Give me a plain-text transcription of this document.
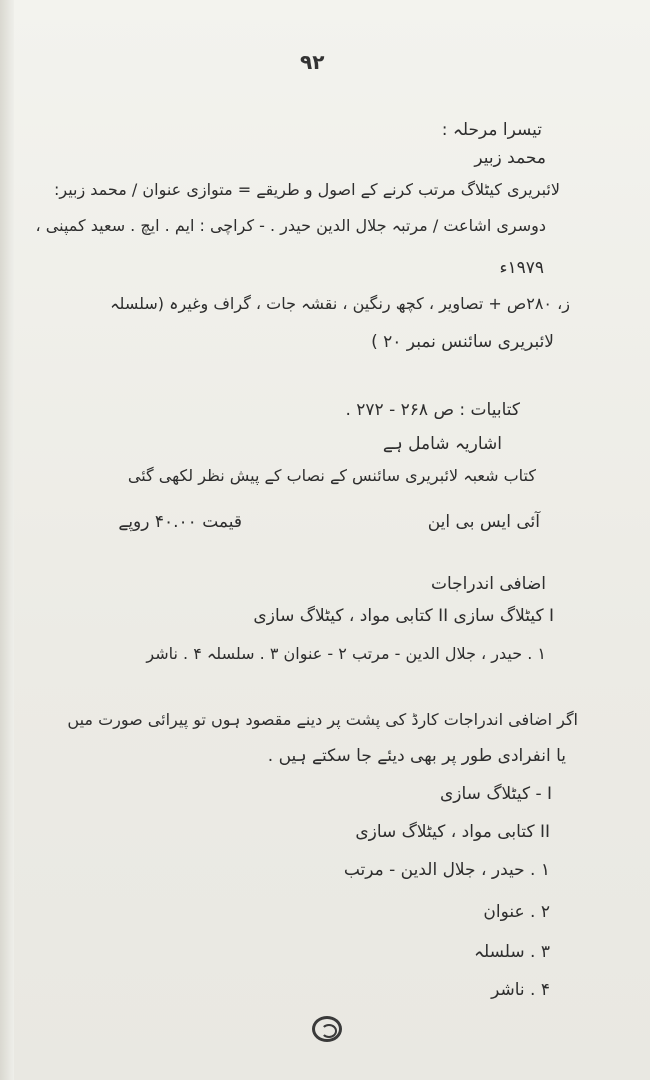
۹۲
تیسرا مرحلہ :
محمد زبیر
لائبریری کیٹلاگ مرتب کرنے کے اصول و طریقے = متوازی عنوان / محمد زبیر:
دوسری اشاعت / مرتبہ جلال الدین حیدر . - کراچی : ایم . ایچ . سعید کمپنی ،
۱۹۷۹ء
ز، ۲۸۰ص + تصاویر ، کچھ رنگین ، نقشہ جات ، گراف وغیرہ (سلسلہ
لائبریری سائنس نمبر ۲۰ )
کتابیات : ص ۲۶۸ - ۲۷۲ .
اشاریہ شامل ہے
کتاب شعبہ لائبریری سائنس کے نصاب کے پیش نظر لکھی گئی
آئی ایس بی این
قیمت ۴۰.۰۰ روپے
اضافی اندراجات
I کیٹلاگ سازی II کتابی مواد ، کیٹلاگ سازی
۱ . حیدر ، جلال الدین - مرتب ۲ - عنوان ۳ . سلسلہ ۴ . ناشر
اگر اضافی اندراجات کارڈ کی پشت پر دینے مقصود ہوں تو پیرائی صورت میں
یا انفرادی طور پر بھی دیئے جا سکتے ہیں .
I - کیٹلاگ سازی
II کتابی مواد ، کیٹلاگ سازی
۱ . حیدر ، جلال الدین - مرتب
۲ . عنوان
۳ . سلسلہ
۴ . ناشر
